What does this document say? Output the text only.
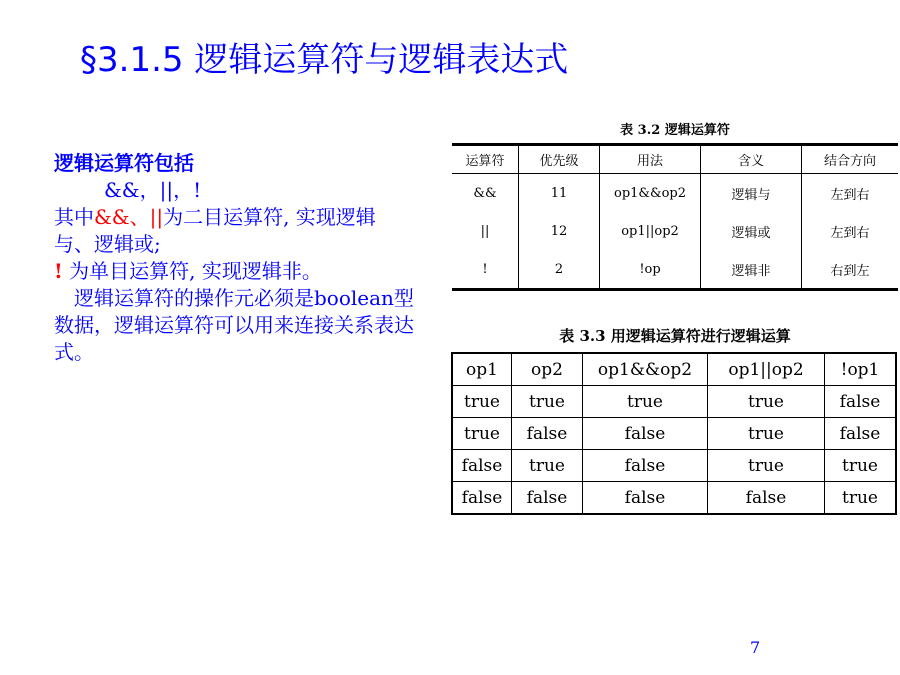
§3.1.5 逻辑运算符与逻辑表达式

逻辑运算符包括

&&，||，!

其中&&、||为二目运算符, 实现逻辑与、逻辑或;

! 为单目运算符, 实现逻辑非。

逻辑运算符的操作元必须是boolean型数据，逻辑运算符可以用来连接关系表达式。

表 3.2 逻辑运算符
运算符	优先级	用法	含义	结合方向
&&	11	op1&&op2	逻辑与	左到右
||	12	op1||op2	逻辑或	左到右
!	2	!op	逻辑非	右到左
表 3.3 用逻辑运算符进行逻辑运算
op1	op2	op1&&op2	op1||op2	!op1
true	true	true	true	false
true	false	false	true	false
false	true	false	true	true
false	false	false	false	true
7
